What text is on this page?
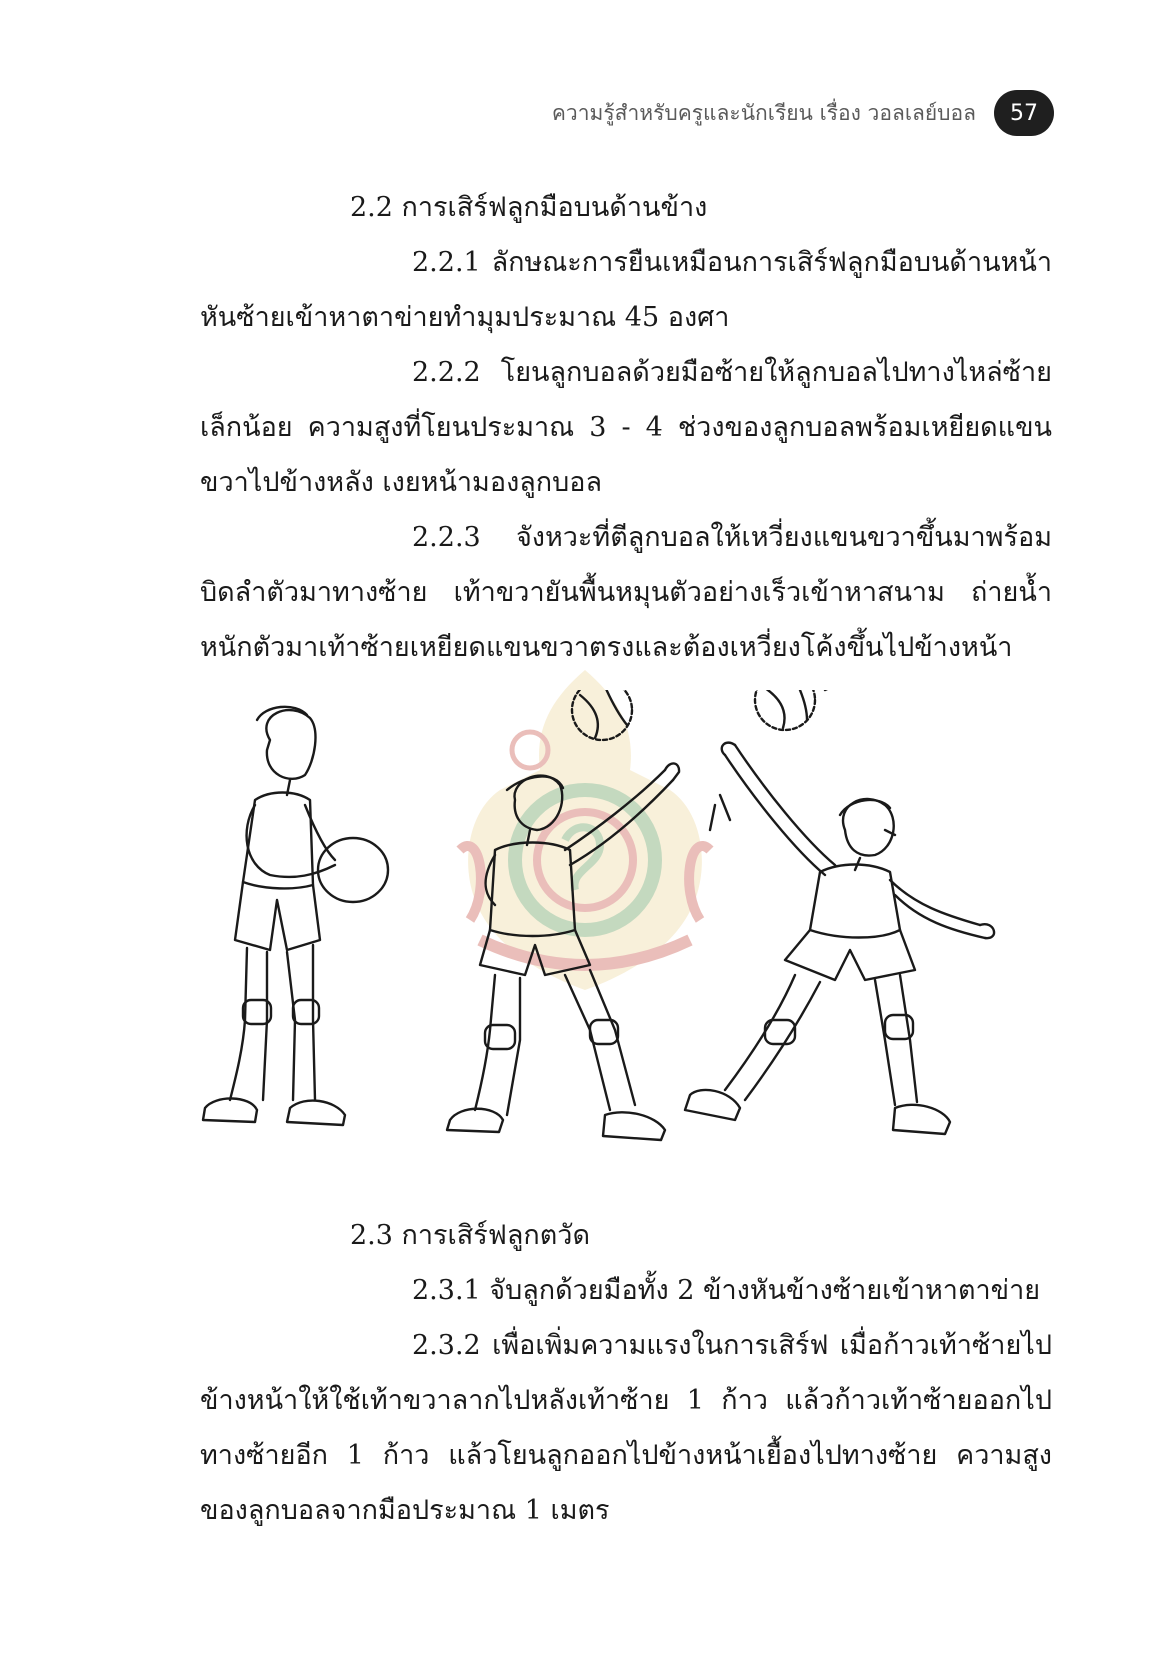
ความรู้สำหรับครูและนักเรียน เรื่อง วอลเลย์บอล	57

2.2 การเสิร์ฟลูกมือบนด้านข้าง

2.2.1 ลักษณะการยืนเหมือนการเสิร์ฟลูกมือบนด้านหน้า หันซ้ายเข้าหาตาข่ายทำมุมประมาณ 45 องศา

2.2.2 โยนลูกบอลด้วยมือซ้ายให้ลูกบอลไปทางไหล่ซ้ายเล็กน้อย ความสูงที่โยนประมาณ 3 - 4 ช่วงของลูกบอลพร้อมเหยียดแขนขวาไปข้างหลัง เงยหน้ามองลูกบอล

2.2.3 จังหวะที่ตีลูกบอลให้เหวี่ยงแขนขวาขึ้นมาพร้อมบิดลำตัวมาทางซ้าย เท้าขวายันพื้นหมุนตัวอย่างเร็วเข้าหาสนาม ถ่ายน้ำหนักตัวมาเท้าซ้ายเหยียดแขนขวาตรงและต้องเหวี่ยงโค้งขึ้นไปข้างหน้า

2.3 การเสิร์ฟลูกตวัด

2.3.1 จับลูกด้วยมือทั้ง 2 ข้างหันข้างซ้ายเข้าหาตาข่าย

2.3.2 เพื่อเพิ่มความแรงในการเสิร์ฟ เมื่อก้าวเท้าซ้ายไปข้างหน้าให้ใช้เท้าขวาลากไปหลังเท้าซ้าย 1 ก้าว แล้วก้าวเท้าซ้ายออกไปทางซ้ายอีก 1 ก้าว แล้วโยนลูกออกไปข้างหน้าเยื้องไปทางซ้าย ความสูงของลูกบอลจากมือประมาณ 1 เมตร
